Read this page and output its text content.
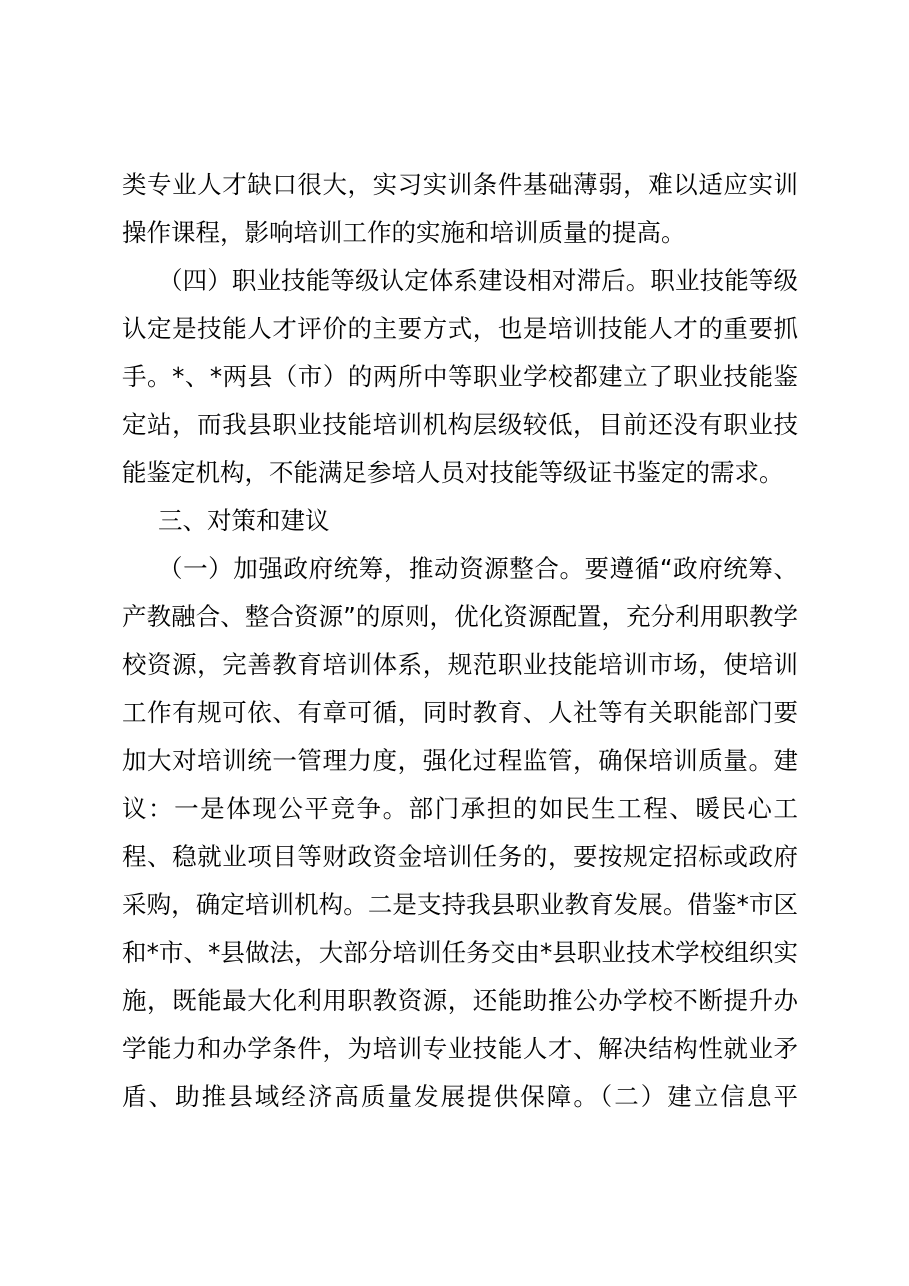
类专业人才缺口很大，实习实训条件基础薄弱，难以适应实训
操作课程，影响培训工作的实施和培训质量的提高。
（四）职业技能等级认定体系建设相对滞后。职业技能等级
认定是技能人才评价的主要方式，也是培训技能人才的重要抓
手。*、*两县（市）的两所中等职业学校都建立了职业技能鉴
定站，而我县职业技能培训机构层级较低，目前还没有职业技
能鉴定机构，不能满足参培人员对技能等级证书鉴定的需求。
三、对策和建议
（一）加强政府统筹，推动资源整合。要遵循“政府统筹、
产教融合、整合资源”的原则，优化资源配置，充分利用职教学
校资源，完善教育培训体系，规范职业技能培训市场，使培训
工作有规可依、有章可循，同时教育、人社等有关职能部门要
加大对培训统一管理力度，强化过程监管，确保培训质量。建
议：一是体现公平竞争。部门承担的如民生工程、暖民心工
程、稳就业项目等财政资金培训任务的，要按规定招标或政府
采购，确定培训机构。二是支持我县职业教育发展。借鉴*市区
和*市、*县做法，大部分培训任务交由*县职业技术学校组织实
施，既能最大化利用职教资源，还能助推公办学校不断提升办
学能力和办学条件，为培训专业技能人才、解决结构性就业矛
盾、助推县域经济高质量发展提供保障。（二）建立信息平
